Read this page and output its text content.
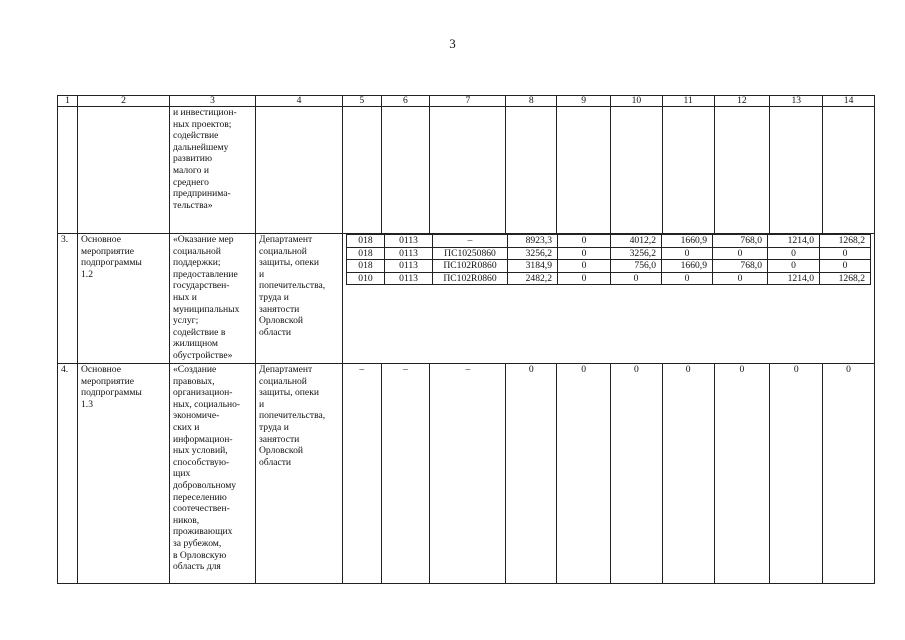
3
1	2	3	4	5	6	7	8	9	10	11	12	13	14
		и инвестицион-
ных проектов;
содействие
дальнейшему
развитию
малого и
среднего
предпринима-
тельства»											
3.	Основное
мероприятие
подпрограммы
1.2	«Оказание мер
социальной
поддержки;
предоставление
государствен-
ных и
муниципальных
услуг;
содействие в
жилищном
обустройстве»	Департамент
социальной
защиты, опеки
и
попечительства,
труда и
занятости
Орловской
области	
018	0113	–	8923,3	0	4012,2	1660,9	768,0	1214,0	1268,2
018	0113	ПС10250860	3256,2	0	3256,2	0	0	0	0
018	0113	ПС102R0860	3184,9	0	756,0	1660,9	768,0	0	0
010	0113	ПС102R0860	2482,2	0	0	0	0	1214,0	1268,2

4.	Основное
мероприятие
подпрограммы
1.3	«Создание
правовых,
организацион-
ных, социально-
экономиче-
ских и
информацион-
ных условий,
способствую-
щих
добровольному
переселению
соотечествен-
ников,
проживающих
за рубежом,
в Орловскую
область для	Департамент
социальной
защиты, опеки
и
попечительства,
труда и
занятости
Орловской
области	–	–	–	0	0	0	0	0	0	0
